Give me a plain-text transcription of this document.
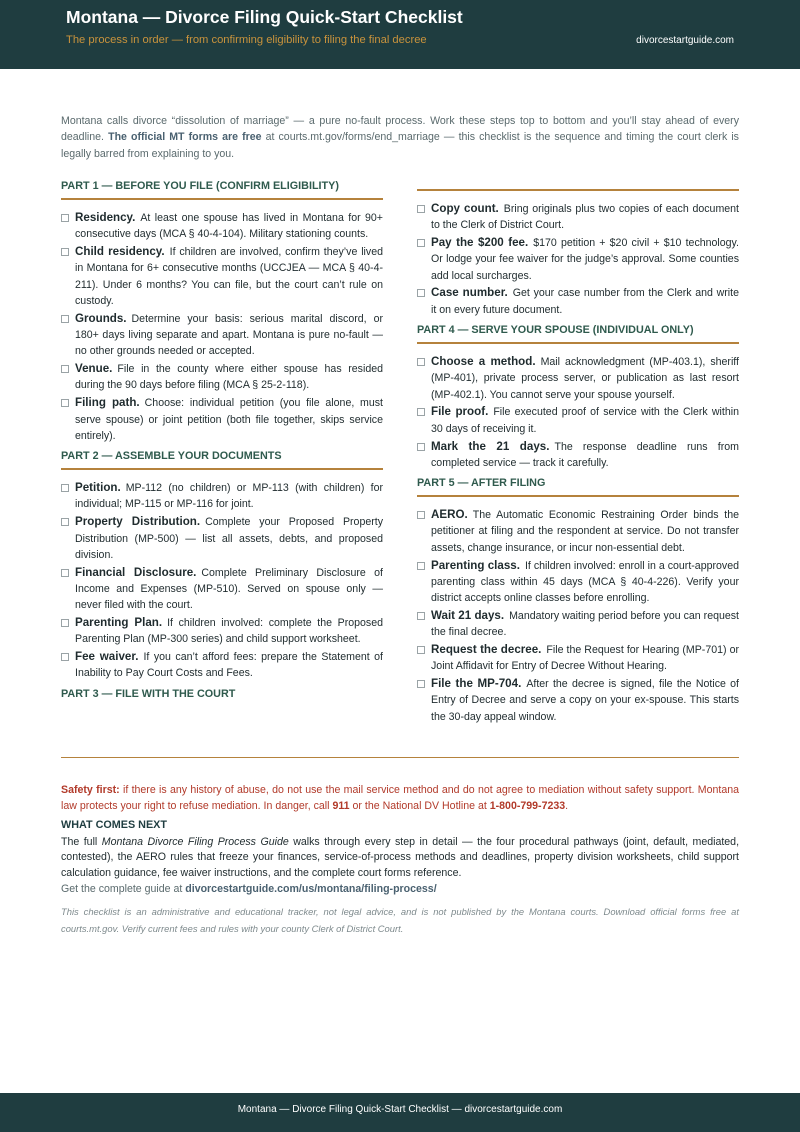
Montana — Divorce Filing Quick-Start Checklist
The process in order — from confirming eligibility to filing the final decree	divorcestartguide.com

Montana calls divorce “dissolution of marriage” — a pure no-fault process. Work these steps top to bottom and you’ll stay ahead of every deadline. The official MT forms are free at courts.mt.gov/forms/end_marriage — this checklist is the sequence and timing the court clerk is legally barred from explaining to you.

PART 1 — BEFORE YOU FILE (CONFIRM ELIGIBILITY)
Residency. At least one spouse has lived in Montana for 90+ consecutive days (MCA § 40-4-104). Military stationing counts.
Child residency. If children are involved, confirm they’ve lived in Montana for 6+ consecutive months (UCCJEA — MCA § 40-4-211). Under 6 months? You can file, but the court can’t rule on custody.
Grounds. Determine your basis: serious marital discord, or 180+ days living separate and apart. Montana is pure no-fault — no other grounds needed or accepted.
Venue. File in the county where either spouse has resided during the 90 days before filing (MCA § 25-2-118).
Filing path. Choose: individual petition (you file alone, must serve spouse) or joint petition (both file together, skips service entirely).
PART 2 — ASSEMBLE YOUR DOCUMENTS
Petition. MP-112 (no children) or MP-113 (with children) for individual; MP-115 or MP-116 for joint.
Property Distribution. Complete your Proposed Property Distribution (MP-500) — list all assets, debts, and proposed division.
Financial Disclosure. Complete Preliminary Disclosure of Income and Expenses (MP-510). Served on spouse only — never filed with the court.
Parenting Plan. If children involved: complete the Proposed Parenting Plan (MP-300 series) and child support worksheet.
Fee waiver. If you can’t afford fees: prepare the Statement of Inability to Pay Court Costs and Fees.
PART 3 — FILE WITH THE COURT
Copy count. Bring originals plus two copies of each document to the Clerk of District Court.
Pay the $200 fee. $170 petition + $20 civil + $10 technology. Or lodge your fee waiver for the judge’s approval. Some counties add local surcharges.
Case number. Get your case number from the Clerk and write it on every future document.
PART 4 — SERVE YOUR SPOUSE (INDIVIDUAL ONLY)
Choose a method. Mail acknowledgment (MP-403.1), sheriff (MP-401), private process server, or publication as last resort (MP-402.1). You cannot serve your spouse yourself.
File proof. File executed proof of service with the Clerk within 30 days of receiving it.
Mark the 21 days. The response deadline runs from completed service — track it carefully.
PART 5 — AFTER FILING
AERO. The Automatic Economic Restraining Order binds the petitioner at filing and the respondent at service. Do not transfer assets, change insurance, or incur non-essential debt.
Parenting class. If children involved: enroll in a court-approved parenting class within 45 days (MCA § 40-4-226). Verify your district accepts online classes before enrolling.
Wait 21 days. Mandatory waiting period before you can request the final decree.
Request the decree. File the Request for Hearing (MP-701) or Joint Affidavit for Entry of Decree Without Hearing.
File the MP-704. After the decree is signed, file the Notice of Entry of Decree and serve a copy on your ex-spouse. This starts the 30-day appeal window.

Safety first: if there is any history of abuse, do not use the mail service method and do not agree to mediation without safety support. Montana law protects your right to refuse mediation. In danger, call 911 or the National DV Hotline at 1-800-799-7233.

WHAT COMES NEXT

The full Montana Divorce Filing Process Guide walks through every step in detail — the four procedural pathways (joint, default, mediated, contested), the AERO rules that freeze your finances, service-of-process methods and deadlines, property division worksheets, child support calculation guidance, fee waiver instructions, and the complete court forms reference.

Get the complete guide at divorcestartguide.com/us/montana/filing-process/

This checklist is an administrative and educational tracker, not legal advice, and is not published by the Montana courts. Download official forms free at courts.mt.gov. Verify current fees and rules with your county Clerk of District Court.

Montana — Divorce Filing Quick-Start Checklist — divorcestartguide.com
